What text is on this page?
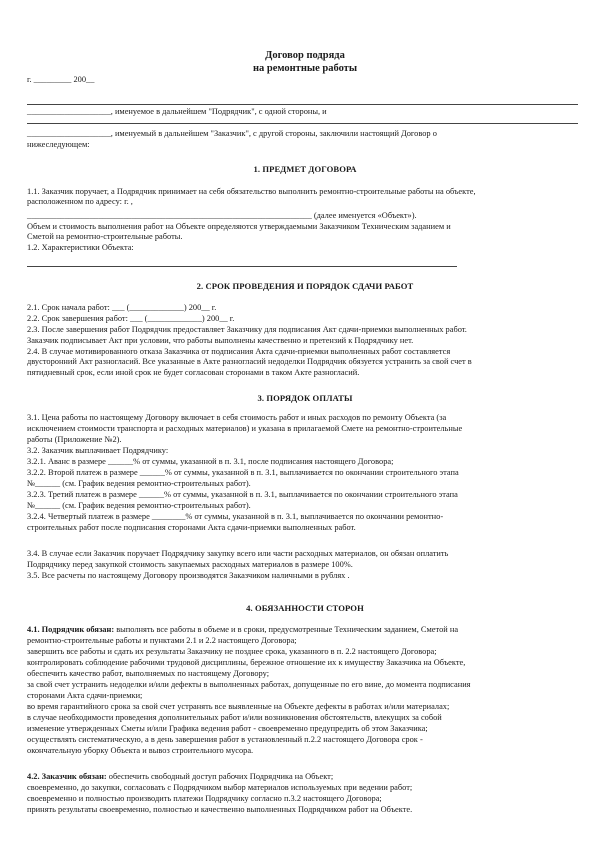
Договор подряда
на ремонтные работы
г. _________ 200__
____________________, именуемое в дальнейшем "Подрядчик", с одной стороны, и
____________________, именуемый в дальнейшем "Заказчик", с другой стороны, заключили настоящий Договор о
нижеследующем:
1. ПРЕДМЕТ ДОГОВОРА
1.1. Заказчик поручает, а Подрядчик принимает на себя обязательство выполнить ремонтно-строительные работы на объекте,
расположенном по адресу: г. ,
____________________________________________________________________ (далее именуется «Объект»).
Объем и стоимость выполнения работ на Объекте определяются утверждаемыми Заказчиком Техническим заданием и
Сметой на ремонтно-строительные работы.
1.2. Характеристики Объекта:
2. СРОК ПРОВЕДЕНИЯ И ПОРЯДОК СДАЧИ РАБОТ
2.1. Срок начала работ: ___ (_____________) 200__ г.
2.2. Срок завершения работ: ___ (_____________) 200__ г.
2.3. После завершения работ Подрядчик предоставляет Заказчику для подписания Акт сдачи-приемки выполненных работ.
Заказчик подписывает Акт при условии, что работы выполнены качественно и претензий к Подрядчику нет.
2.4. В случае мотивированного отказа Заказчика от подписания Акта сдачи-приемки выполненных работ составляется
двусторонний Акт разногласий. Все указанные в Акте разногласий недоделки Подрядчик обязуется устранить за свой счет в
пятидневный срок, если иной срок не будет согласован сторонами в таком Акте разногласий.
3. ПОРЯДОК ОПЛАТЫ
3.1. Цена работы по настоящему Договору включает в себя стоимость работ и иных расходов по ремонту Объекта (за
исключением стоимости транспорта и расходных материалов) и указана в прилагаемой Смете на ремонтно-строительные
работы (Приложение №2).
3.2. Заказчик выплачивает Подрядчику:
3.2.1. Аванс в размере ______% от суммы, указанной в п. 3.1, после подписания настоящего Договора;
3.2.2. Второй платеж в размере ______% от суммы, указанной в п. 3.1, выплачивается по окончании строительного этапа
№______ (см. График ведения ремонтно-строительных работ).
3.2.3. Третий платеж в размере ______% от суммы, указанной в п. 3.1, выплачивается по окончании строительного этапа
№______ (см. График ведения ремонтно-строительных работ).
3.2.4. Четвертый платеж в размере ________% от суммы, указанной в п. 3.1, выплачивается по окончании ремонтно-
строительных работ после подписания сторонами Акта сдачи-приемки выполненных работ.
3.4. В случае если Заказчик поручает Подрядчику закупку всего или части расходных материалов, он обязан оплатить
Подрядчику перед закупкой стоимость закупаемых расходных материалов в размере 100%.
3.5. Все расчеты по настоящему Договору производятся Заказчиком наличными в рублях .
4. ОБЯЗАННОСТИ СТОРОН
4.1. Подрядчик обязан: выполнять все работы в объеме и в сроки, предусмотренные Техническим заданием, Сметой на
ремонтно-строительные работы и пунктами 2.1 и 2.2 настоящего Договора;
завершить все работы и сдать их результаты Заказчику не позднее срока, указанного в п. 2.2 настоящего Договора;
контролировать соблюдение рабочими трудовой дисциплины, бережное отношение их к имуществу Заказчика на Объекте,
обеспечить качество работ, выполняемых по настоящему Договору;
за свой счет устранить недоделки и/или дефекты в выполненных работах, допущенные по его вине, до момента подписания
сторонами Акта сдачи-приемки;
во время гарантийного срока за свой счет устранять все выявленные на Объекте дефекты в работах и/или материалах;
в случае необходимости проведения дополнительных работ и/или возникновения обстоятельств, влекущих за собой
изменение утвержденных Сметы и/или Графика ведения работ - своевременно предупредить об этом Заказчика;
осуществлять систематическую, а в день завершения работ в установленный п.2.2 настоящего Договора срок -
окончательную уборку Объекта и вывоз строительного мусора.
4.2. Заказчик обязан: обеспечить свободный доступ рабочих Подрядчика на Объект;
своевременно, до закупки, согласовать с Подрядчиком выбор материалов используемых при ведении работ;
своевременно и полностью производить платежи Подрядчику согласно п.3.2 настоящего Договора;
принять результаты своевременно, полностью и качественно выполненных Подрядчиком работ на Объекте.
